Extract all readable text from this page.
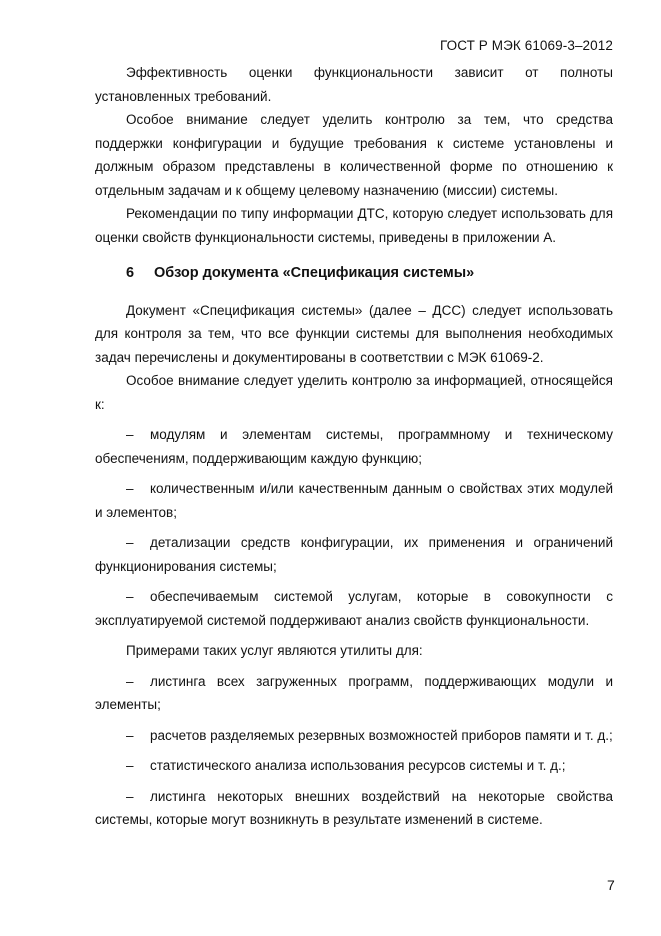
ГОСТ Р МЭК 61069-3–2012

Эффективность оценки функциональности зависит от полноты установленных требований.

Особое внимание следует уделить контролю за тем, что средства поддержки конфигурации и будущие требования к системе установлены и должным образом представлены в количественной форме по отношению к отдельным задачам и к общему целевому назначению (миссии) системы.

Рекомендации по типу информации ДТС, которую следует использовать для оценки свойств функциональности системы, приведены в приложении А.

6 Обзор документа «Спецификация системы»

Документ «Спецификация системы» (далее – ДСС) следует использовать для контроля за тем, что все функции системы для выполнения необходимых задач перечислены и документированы в соответствии с МЭК 61069-2.

Особое внимание следует уделить контролю за информацией, относящейся к:

– модулям и элементам системы, программному и техническому обеспечениям, поддерживающим каждую функцию;

– количественным и/или качественным данным о свойствах этих модулей и элементов;

– детализации средств конфигурации, их применения и ограничений функционирования системы;

– обеспечиваемым системой услугам, которые в совокупности с эксплуатируемой системой поддерживают анализ свойств функциональности.

Примерами таких услуг являются утилиты для:

– листинга всех загруженных программ, поддерживающих модули и элементы;

– расчетов разделяемых резервных возможностей приборов памяти и т. д.;

– статистического анализа использования ресурсов системы и т. д.;

– листинга некоторых внешних воздействий на некоторые свойства системы, которые могут возникнуть в результате изменений в системе.

7
